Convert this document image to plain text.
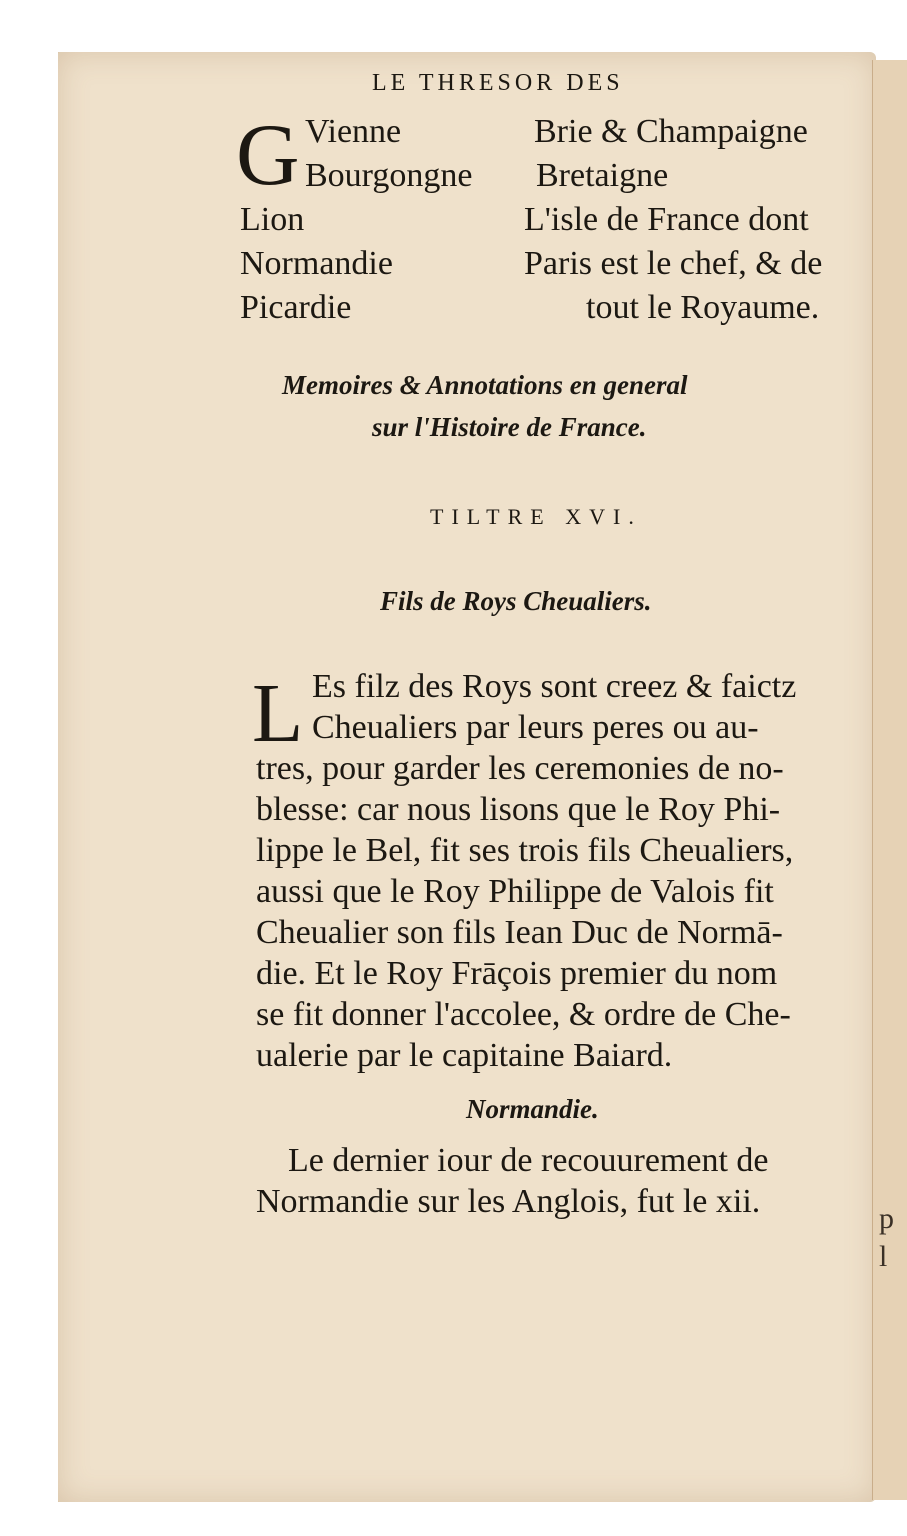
p
l
LE THRESOR DES
G Vienne
Bourgongne
Lion
Normandie
Picardie
Brie & Champaigne
Bretaigne
L'isle de France dont
Paris est le chef, & de
tout le Royaume.
Memoires & Annotations en general
sur l'Histoire de France.
TILTRE XVI.
Fils de Roys Cheualiers.
L Es filz des Roys sont creez & faictz
Cheualiers par leurs peres ou au-
tres, pour garder les ceremonies de no-
blesse: car nous lisons que le Roy Phi-
lippe le Bel, fit ses trois fils Cheualiers,
aussi que le Roy Philippe de Valois fit
Cheualier son fils Iean Duc de Normā-
die. Et le Roy Frāçois premier du nom
se fit donner l'accolee, & ordre de Che-
ualerie par le capitaine Baiard.
Normandie.
Le dernier iour de recouurement de
Normandie sur les Anglois, fut le xii.
